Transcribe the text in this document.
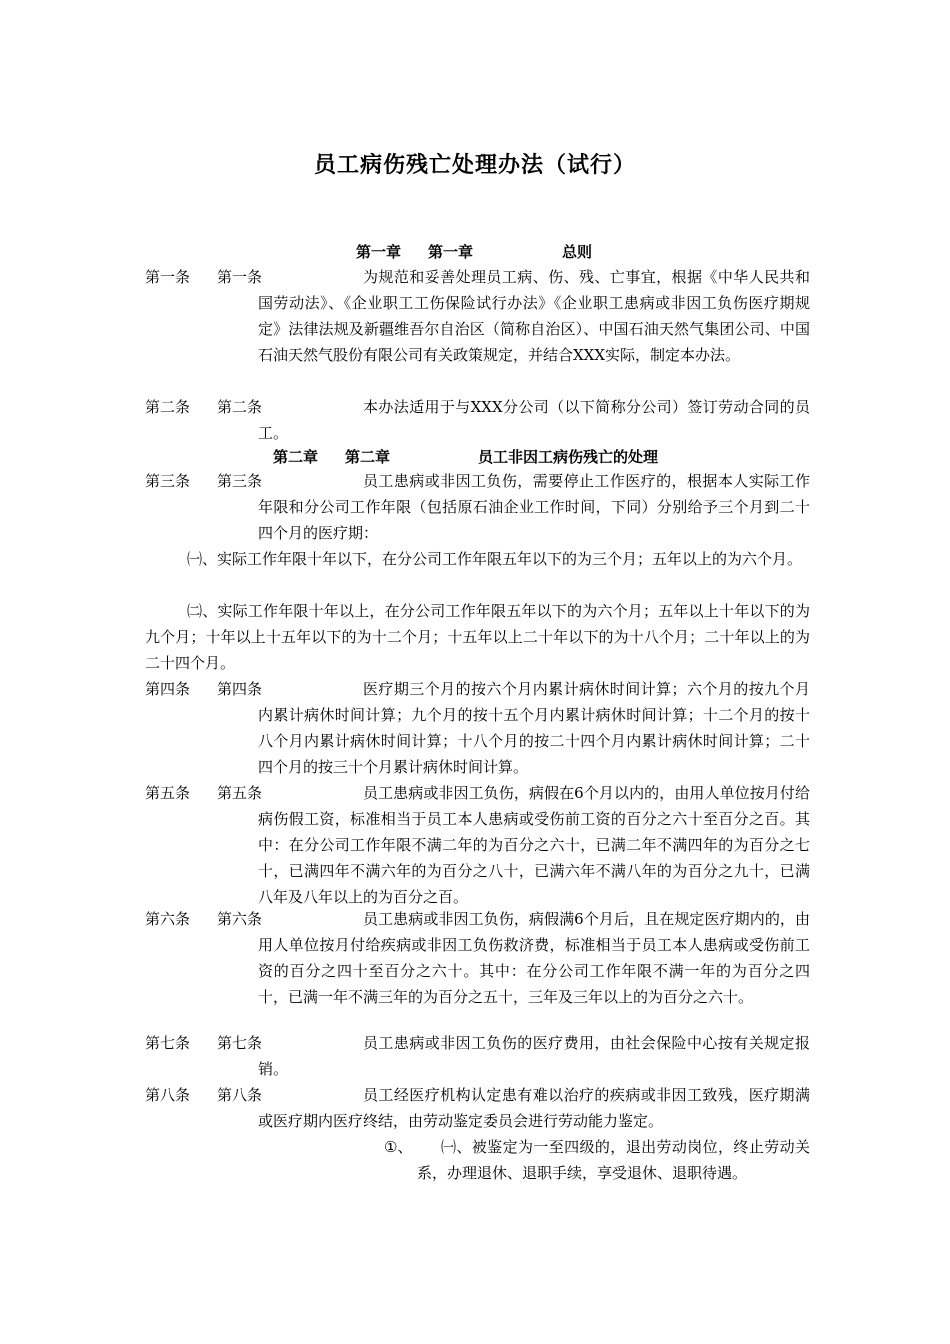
员工病伤残亡处理办法（试行）
第一章 第一章	总则
第一条 第一条	为规范和妥善处理员工病、伤、残、亡事宜，根据《中华人民共和国劳动法》、《企业职工工伤保险试行办法》《企业职工患病或非因工负伤医疗期规定》法律法规及新疆维吾尔自治区（简称自治区）、中国石油天然气集团公司、中国石油天然气股份有限公司有关政策规定，并结合XXX实际，制定本办法。
第二条 第二条	本办法适用于与XXX分公司（以下简称分公司）签订劳动合同的员工。
第二章 第二章	员工非因工病伤残亡的处理
第三条 第三条	员工患病或非因工负伤，需要停止工作医疗的，根据本人实际工作年限和分公司工作年限（包括原石油企业工作时间，下同）分别给予三个月到二十四个月的医疗期：
㈠、实际工作年限十年以下，在分公司工作年限五年以下的为三个月；五年以上的为六个月。
㈡、实际工作年限十年以上，在分公司工作年限五年以下的为六个月；五年以上十年以下的为九个月；十年以上十五年以下的为十二个月；十五年以上二十年以下的为十八个月；二十年以上的为二十四个月。
第四条 第四条	医疗期三个月的按六个月内累计病休时间计算；六个月的按九个月内累计病休时间计算；九个月的按十五个月内累计病休时间计算；十二个月的按十八个月内累计病休时间计算；十八个月的按二十四个月内累计病休时间计算；二十四个月的按三十个月累计病休时间计算。
第五条 第五条	员工患病或非因工负伤，病假在6个月以内的，由用人单位按月付给病伤假工资，标准相当于员工本人患病或受伤前工资的百分之六十至百分之百。其中：在分公司工作年限不满二年的为百分之六十，已满二年不满四年的为百分之七十，已满四年不满六年的为百分之八十，已满六年不满八年的为百分之九十，已满八年及八年以上的为百分之百。
第六条 第六条	员工患病或非因工负伤，病假满6个月后，且在规定医疗期内的，由用人单位按月付给疾病或非因工负伤救济费，标准相当于员工本人患病或受伤前工资的百分之四十至百分之六十。其中：在分公司工作年限不满一年的为百分之四十，已满一年不满三年的为百分之五十，三年及三年以上的为百分之六十。
第七条 第七条	员工患病或非因工负伤的医疗费用，由社会保险中心按有关规定报销。
第八条 第八条	员工经医疗机构认定患有难以治疗的疾病或非因工致残，医疗期满或医疗期内医疗终结，由劳动鉴定委员会进行劳动能力鉴定。
①、	㈠、被鉴定为一至四级的，退出劳动岗位，终止劳动关系，办理退休、退职手续，享受退休、退职待遇。
